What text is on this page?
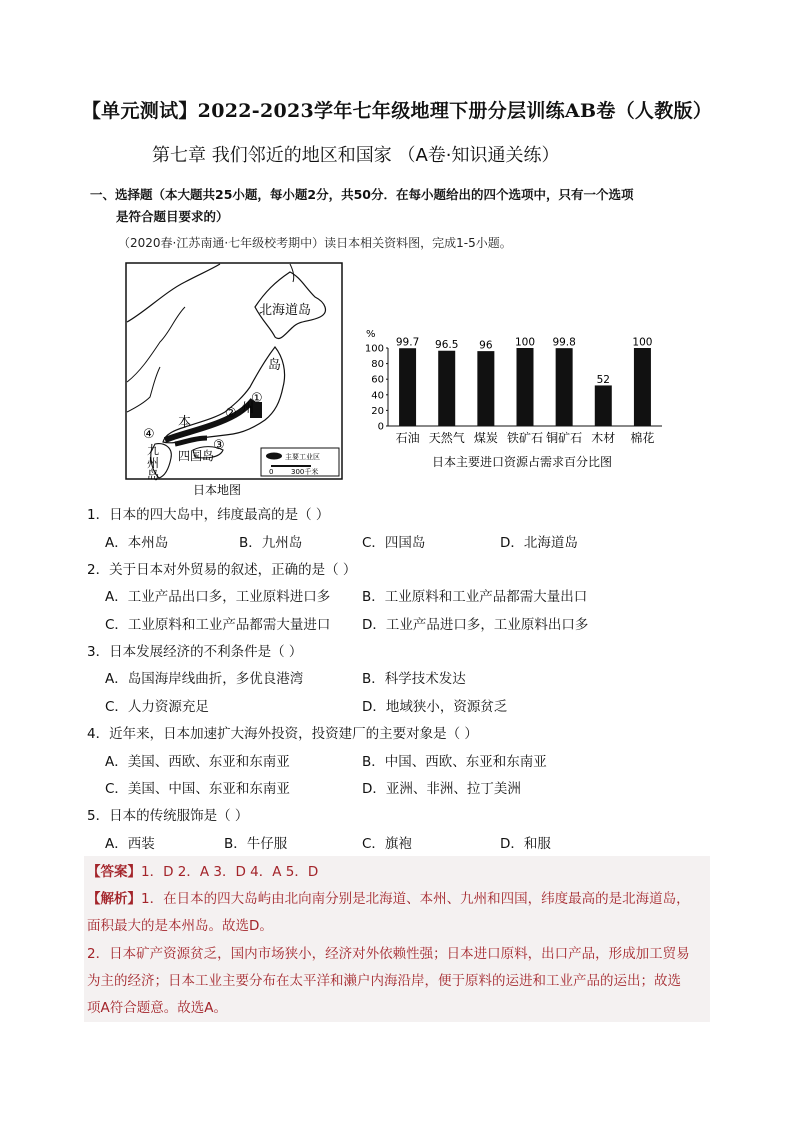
【单元测试】2022-2023学年七年级地理下册分层训练AB卷（人教版）
第七章 我们邻近的地区和国家 （A卷·知识通关练）
一、选择题（本大题共25小题，每小题2分，共50分．在每小题给出的四个选项中，只有一个选项
是符合题目要求的）
（2020春·江苏南通·七年级校考期中）读日本相关资料图，完成1-5小题。
北海道岛
岛
州
本
四国岛
九
州
岛
①
②
③
④
主要工业区
0	300千米
日本地图
%
0
20
40
60
80
100
99.7 96.5 96 100 99.8
52
100
石油 天然气 煤炭 铁矿石 铜矿石 木材 棉花
日本主要进口资源占需求百分比图
1．日本的四大岛中，纬度最高的是（ ）
A．本州岛	B．九州岛	C．四国岛	D．北海道岛
2．关于日本对外贸易的叙述，正确的是（ ）
A．工业产品出口多，工业原料进口多 B．工业原料和工业产品都需大量出口
C．工业原料和工业产品都需大量进口 D．工业产品进口多，工业原料出口多
3．日本发展经济的不利条件是（ ）
A．岛国海岸线曲折，多优良港湾	B．科学技术发达
C．人力资源充足	D．地域狭小，资源贫乏
4．近年来，日本加速扩大海外投资，投资建厂的主要对象是（ ）
A．美国、西欧、东亚和东南亚	B．中国、西欧、东亚和东南亚
C．美国、中国、东亚和东南亚	D．亚洲、非洲、拉丁美洲
5．日本的传统服饰是（ ）
A．西装	B．牛仔服	C．旗袍	D．和服
【答案】1．D 2．A 3．D 4．A 5．D
【解析】1．在日本的四大岛屿由北向南分别是北海道、本州、九州和四国，纬度最高的是北海道岛，
面积最大的是本州岛。故选D。
2．日本矿产资源贫乏，国内市场狭小，经济对外依赖性强；日本进口原料，出口产品，形成加工贸易
为主的经济；日本工业主要分布在太平洋和濑户内海沿岸，便于原料的运进和工业产品的运出；故选
项A符合题意。故选A。
